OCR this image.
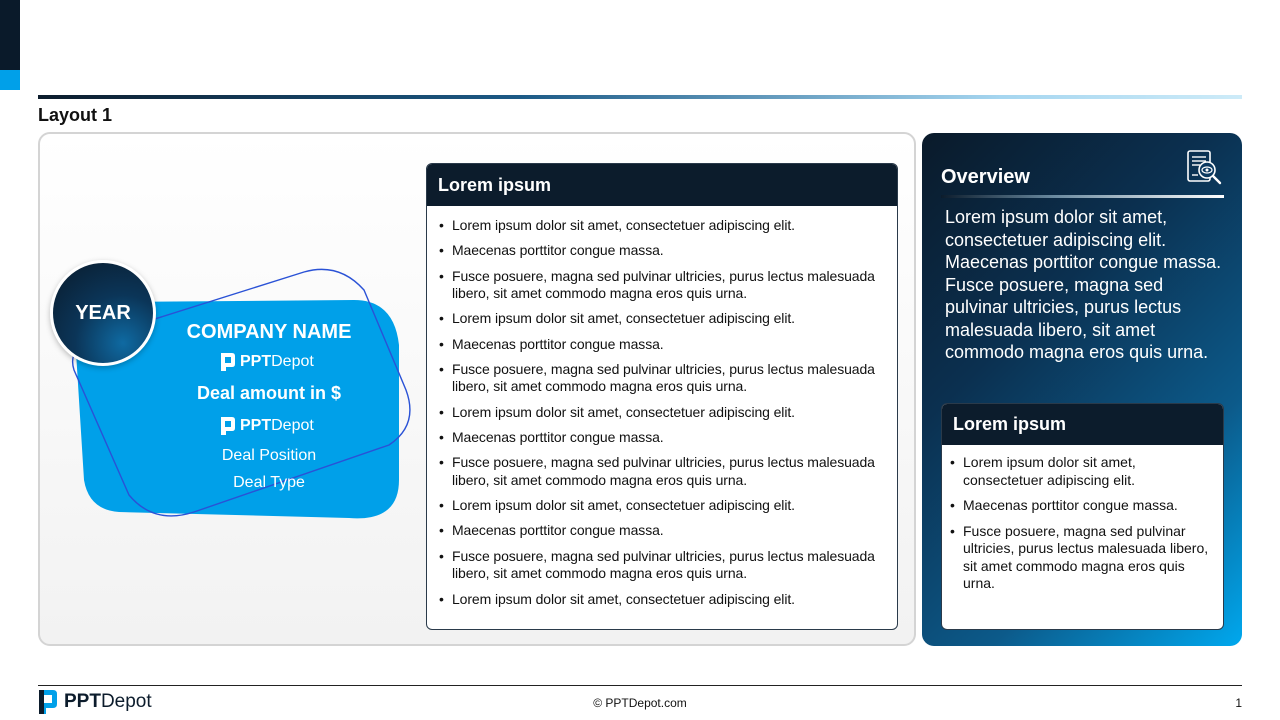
Layout 1
YEAR
COMPANY NAME
PPTDepot
Deal amount in $
PPTDepot
Deal Position
Deal Type
Lorem ipsum
• Lorem ipsum dolor sit amet, consectetuer adipiscing elit.
• Maecenas porttitor congue massa.
• Fusce posuere, magna sed pulvinar ultricies, purus lectus malesuada libero, sit amet commodo magna eros quis urna.
• Lorem ipsum dolor sit amet, consectetuer adipiscing elit.
• Maecenas porttitor congue massa.
• Fusce posuere, magna sed pulvinar ultricies, purus lectus malesuada libero, sit amet commodo magna eros quis urna.
• Lorem ipsum dolor sit amet, consectetuer adipiscing elit.
• Maecenas porttitor congue massa.
• Fusce posuere, magna sed pulvinar ultricies, purus lectus malesuada libero, sit amet commodo magna eros quis urna.
• Lorem ipsum dolor sit amet, consectetuer adipiscing elit.
• Maecenas porttitor congue massa.
• Fusce posuere, magna sed pulvinar ultricies, purus lectus malesuada libero, sit amet commodo magna eros quis urna.
• Lorem ipsum dolor sit amet, consectetuer adipiscing elit.
Overview
Lorem ipsum dolor sit amet, consectetuer adipiscing elit. Maecenas porttitor congue massa. Fusce posuere, magna sed pulvinar ultricies, purus lectus malesuada libero, sit amet commodo magna eros quis urna.
Lorem ipsum
• Lorem ipsum dolor sit amet, consectetuer adipiscing elit.
• Maecenas porttitor congue massa.
• Fusce posuere, magna sed pulvinar ultricies, purus lectus malesuada libero, sit amet commodo magna eros quis urna.
PPTDepot	© PPTDepot.com	1
